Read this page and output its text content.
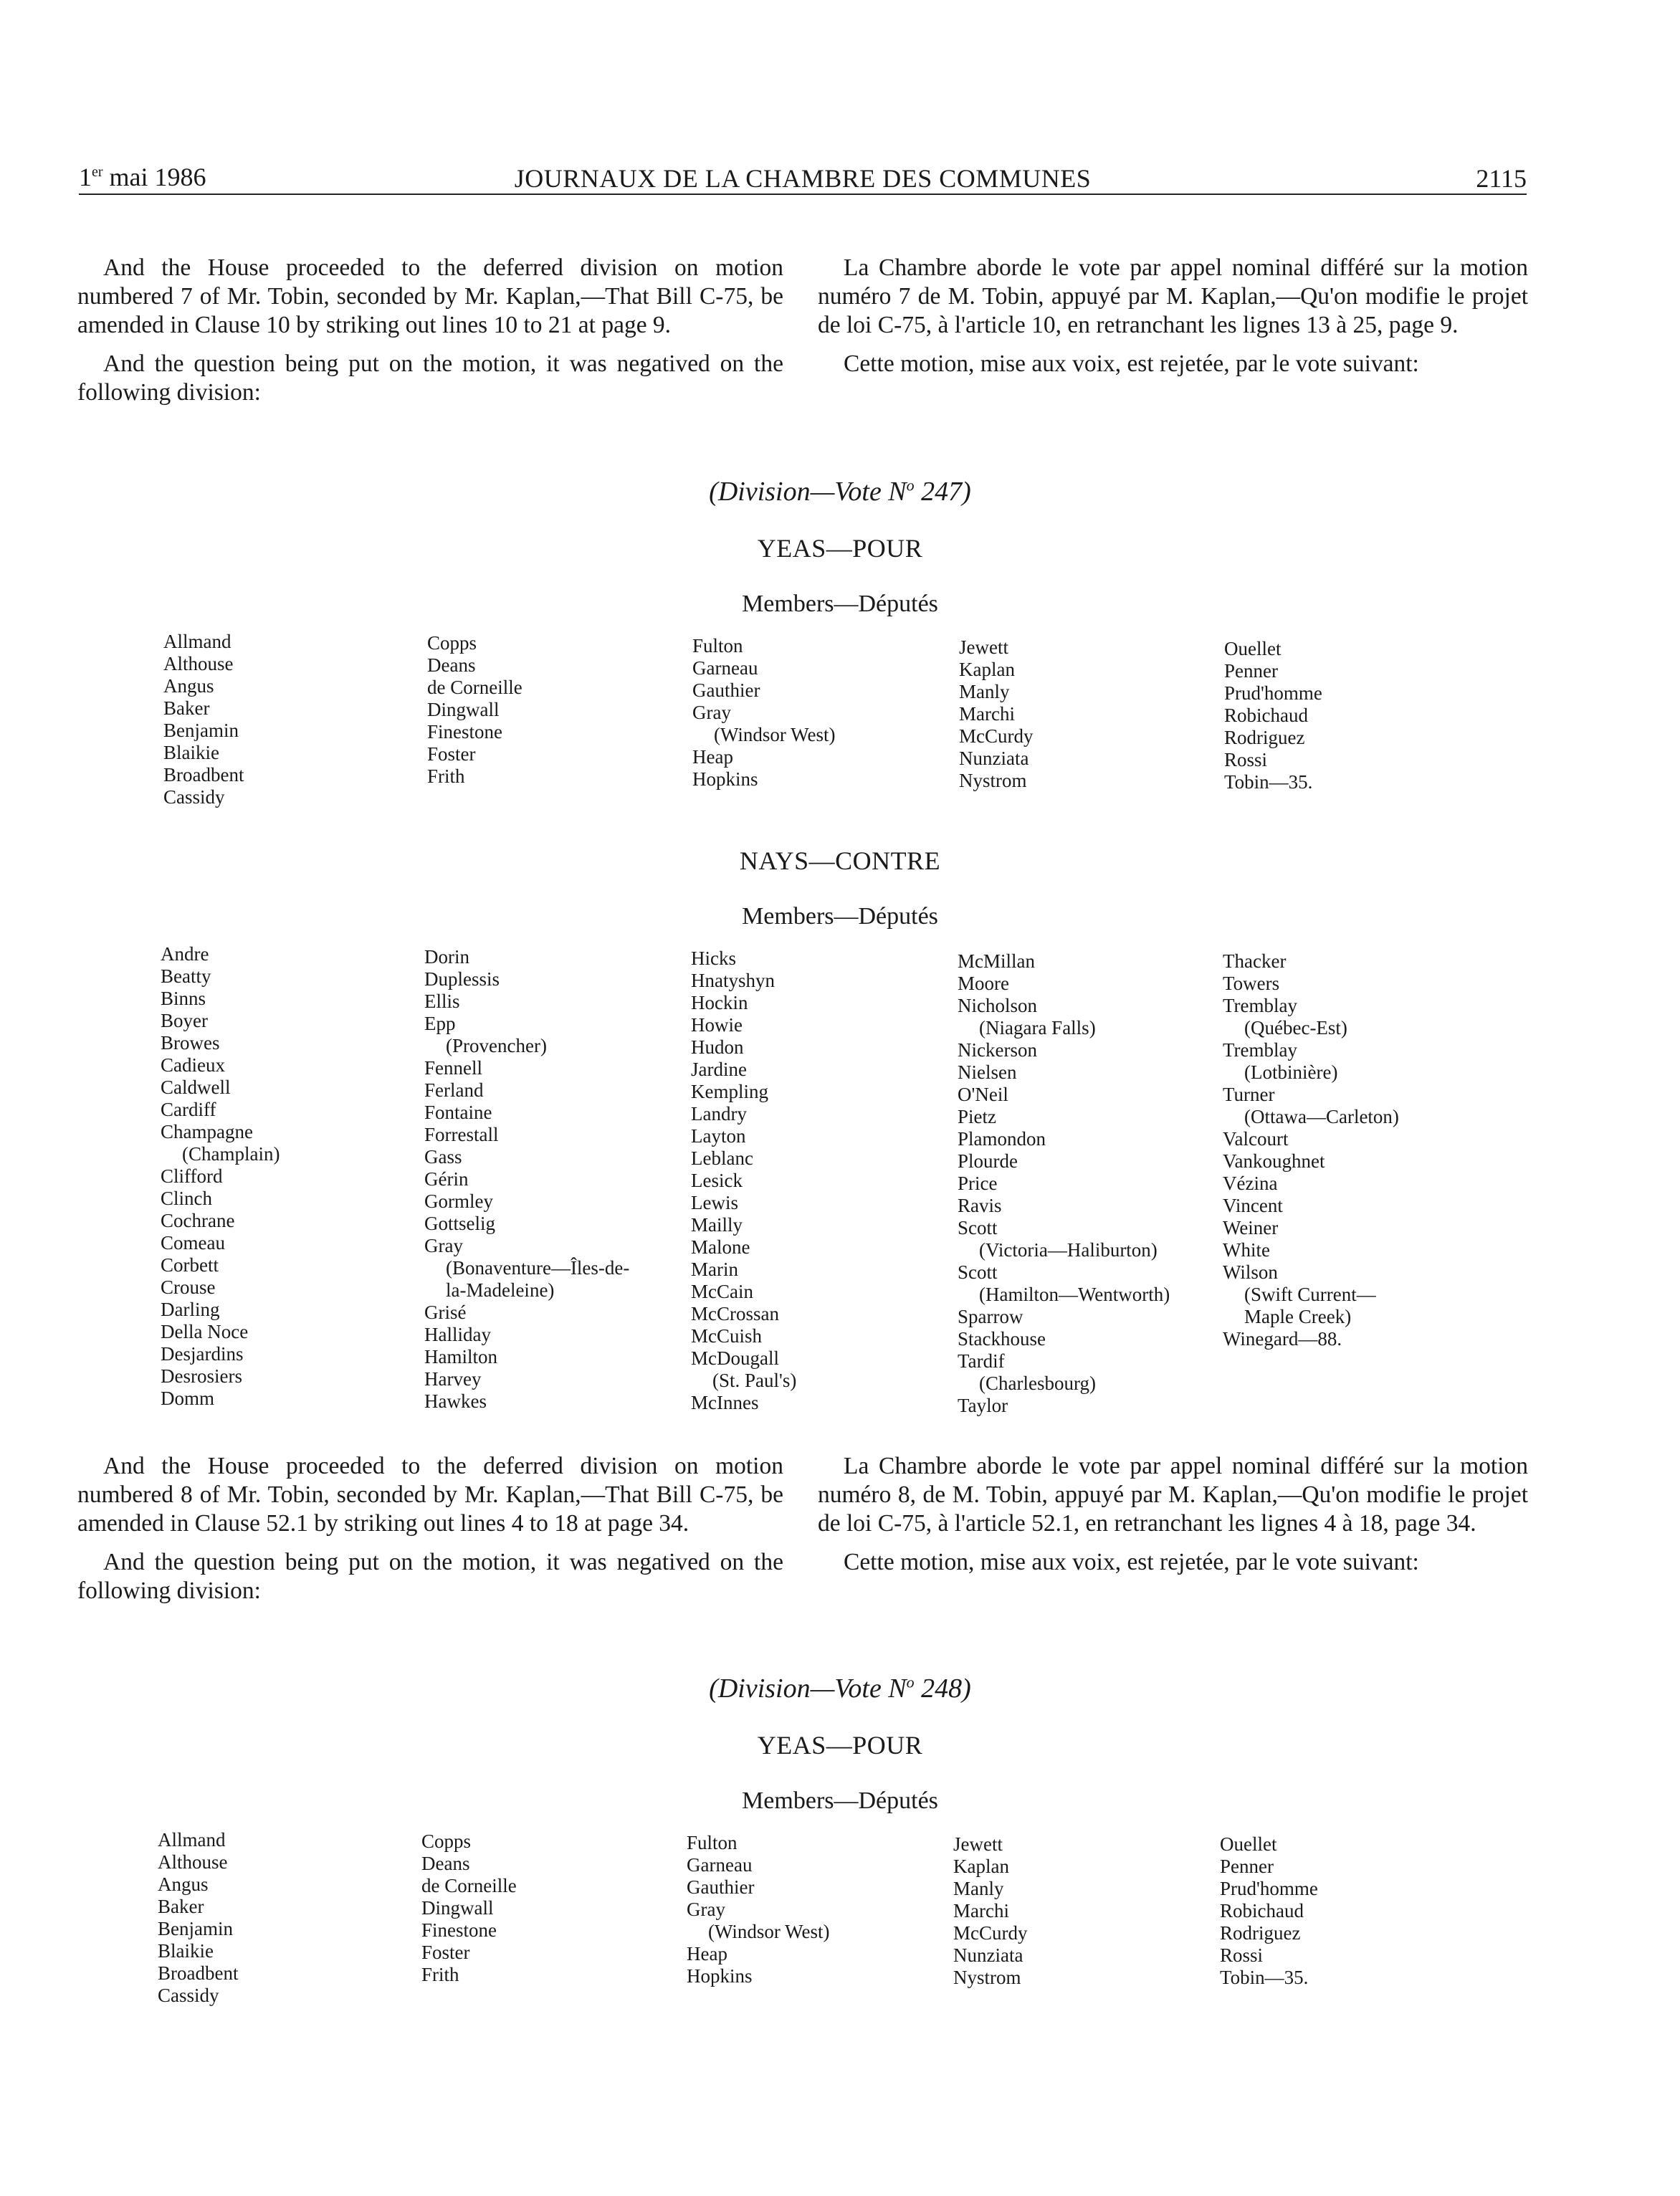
1er mai 1986	JOURNAUX DE LA CHAMBRE DES COMMUNES	2115

And the House proceeded to the deferred division on motion numbered 7 of Mr. Tobin, seconded by Mr. Kaplan,—That Bill C-75, be amended in Clause 10 by striking out lines 10 to 21 at page 9.

And the question being put on the motion, it was negatived on the following division:

La Chambre aborde le vote par appel nominal différé sur la motion numéro 7 de M. Tobin, appuyé par M. Kaplan,—Qu'on modifie le projet de loi C-75, à l'article 10, en retranchant les lignes 13 à 25, page 9.

Cette motion, mise aux voix, est rejetée, par le vote suivant:

(Division—Vote $N^o$ 247)
YEAS—POUR
Members—Députés
Allmand
Althouse
Angus
Baker
Benjamin
Blaikie
Broadbent
Cassidy
Copps
Deans
de Corneille
Dingwall
Finestone
Foster
Frith
Fulton
Garneau
Gauthier
Gray
(Windsor West)
Heap
Hopkins
Jewett
Kaplan
Manly
Marchi
McCurdy
Nunziata
Nystrom
Ouellet
Penner
Prud'homme
Robichaud
Rodriguez
Rossi
Tobin—35.
NAYS—CONTRE
Members—Députés
Andre
Beatty
Binns
Boyer
Browes
Cadieux
Caldwell
Cardiff
Champagne
(Champlain)
Clifford
Clinch
Cochrane
Comeau
Corbett
Crouse
Darling
Della Noce
Desjardins
Desrosiers
Domm
Dorin
Duplessis
Ellis
Epp
(Provencher)
Fennell
Ferland
Fontaine
Forrestall
Gass
Gérin
Gormley
Gottselig
Gray
(Bonaventure—Îles-de-
la-Madeleine)
Grisé
Halliday
Hamilton
Harvey
Hawkes
Hicks
Hnatyshyn
Hockin
Howie
Hudon
Jardine
Kempling
Landry
Layton
Leblanc
Lesick
Lewis
Mailly
Malone
Marin
McCain
McCrossan
McCuish
McDougall
(St. Paul's)
McInnes
McMillan
Moore
Nicholson
(Niagara Falls)
Nickerson
Nielsen
O'Neil
Pietz
Plamondon
Plourde
Price
Ravis
Scott
(Victoria—Haliburton)
Scott
(Hamilton—Wentworth)
Sparrow
Stackhouse
Tardif
(Charlesbourg)
Taylor
Thacker
Towers
Tremblay
(Québec-Est)
Tremblay
(Lotbinière)
Turner
(Ottawa—Carleton)
Valcourt
Vankoughnet
Vézina
Vincent
Weiner
White
Wilson
(Swift Current—
Maple Creek)
Winegard—88.

And the House proceeded to the deferred division on motion numbered 8 of Mr. Tobin, seconded by Mr. Kaplan,—That Bill C-75, be amended in Clause 52.1 by striking out lines 4 to 18 at page 34.

And the question being put on the motion, it was negatived on the following division:

La Chambre aborde le vote par appel nominal différé sur la motion numéro 8, de M. Tobin, appuyé par M. Kaplan,—Qu'on modifie le projet de loi C-75, à l'article 52.1, en retranchant les lignes 4 à 18, page 34.

Cette motion, mise aux voix, est rejetée, par le vote suivant:

(Division—Vote $N^o$ 248)
YEAS—POUR
Members—Députés
Allmand
Althouse
Angus
Baker
Benjamin
Blaikie
Broadbent
Cassidy
Copps
Deans
de Corneille
Dingwall
Finestone
Foster
Frith
Fulton
Garneau
Gauthier
Gray
(Windsor West)
Heap
Hopkins
Jewett
Kaplan
Manly
Marchi
McCurdy
Nunziata
Nystrom
Ouellet
Penner
Prud'homme
Robichaud
Rodriguez
Rossi
Tobin—35.
